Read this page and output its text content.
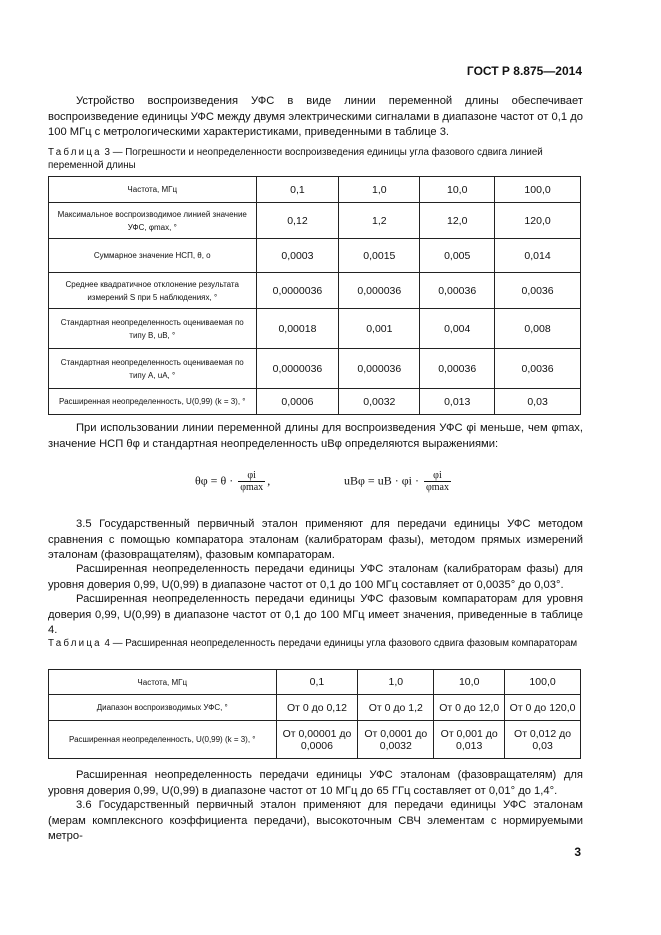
ГОСТ Р 8.875—2014

Устройство воспроизведения УФС в виде линии переменной длины обеспечивает воспроизведение единицы УФС между двумя электрическими сигналами в диапазоне частот от 0,1 до 100 МГц с метрологическими характеристиками, приведенными в таблице 3.

Таблица 3 — Погрешности и неопределенности воспроизведения единицы угла фазового сдвига линией переменной длины

Частота, МГц	0,1	1,0	10,0	100,0
Максимальное воспроизводимое линией значение УФС, φmax, °	0,12	1,2	12,0	120,0
Суммарное значение НСП, θ, о	0,0003	0,0015	0,005	0,014
Среднее квадратичное отклонение результата измерений S при 5 наблюдениях, °	0,0000036	0,000036	0,00036	0,0036
Стандартная неопределенность оцениваемая по типу В, uB, °	0,00018	0,001	0,004	0,008
Стандартная неопределенность оцениваемая по типу А, uA, °	0,0000036	0,000036	0,00036	0,0036
Расширенная неопределенность, U(0,99) (k = 3), °	0,0006	0,0032	0,013	0,03

При использовании линии переменной длины для воспроизведения УФС φi меньше, чем φmax, значение НСП θφ и стандартная неопределенность uBφ определяются выражениями:

$\theta\varphi = \theta \cdot \frac{\varphi i}{\varphi\max}$ ,	uBφ = uB · $\varphi i \cdot \frac{\varphi i}{\varphi\max}$

3.5 Государственный первичный эталон применяют для передачи единицы УФС методом сравнения с помощью компаратора эталонам (калибраторам фазы), методом прямых измерений эталонам (фазовращателям), фазовым компараторам.

Расширенная неопределенность передачи единицы УФС эталонам (калибраторам фазы) для уровня доверия 0,99, U(0,99) в диапазоне частот от 0,1 до 100 МГц составляет от 0,0035° до 0,03°.

Расширенная неопределенность передачи единицы УФС фазовым компараторам для уровня доверия 0,99, U(0,99) в диапазоне частот от 0,1 до 100 МГц имеет значения, приведенные в таблице 4.

Таблица 4 — Расширенная неопределенность передачи единицы угла фазового сдвига фазовым компараторам

Частота, МГц	0,1	1,0	10,0	100,0
Диапазон воспроизводимых УФС, °	От 0 до 0,12	От 0 до 1,2	От 0 до 12,0	От 0 до 120,0
Расширенная неопределенность, U(0,99) (k = 3), °	От 0,00001 до 0,0006	От 0,0001 до 0,0032	От 0,001 до 0,013	От 0,012 до 0,03

Расширенная неопределенность передачи единицы УФС эталонам (фазовращателям) для уровня доверия 0,99, U(0,99) в диапазоне частот от 10 МГц до 65 ГГц составляет от 0,01° до 1,4°.

3.6 Государственный первичный эталон применяют для передачи единицы УФС эталонам (мерам комплексного коэффициента передачи), высокоточным СВЧ элементам с нормируемыми метро-

3
